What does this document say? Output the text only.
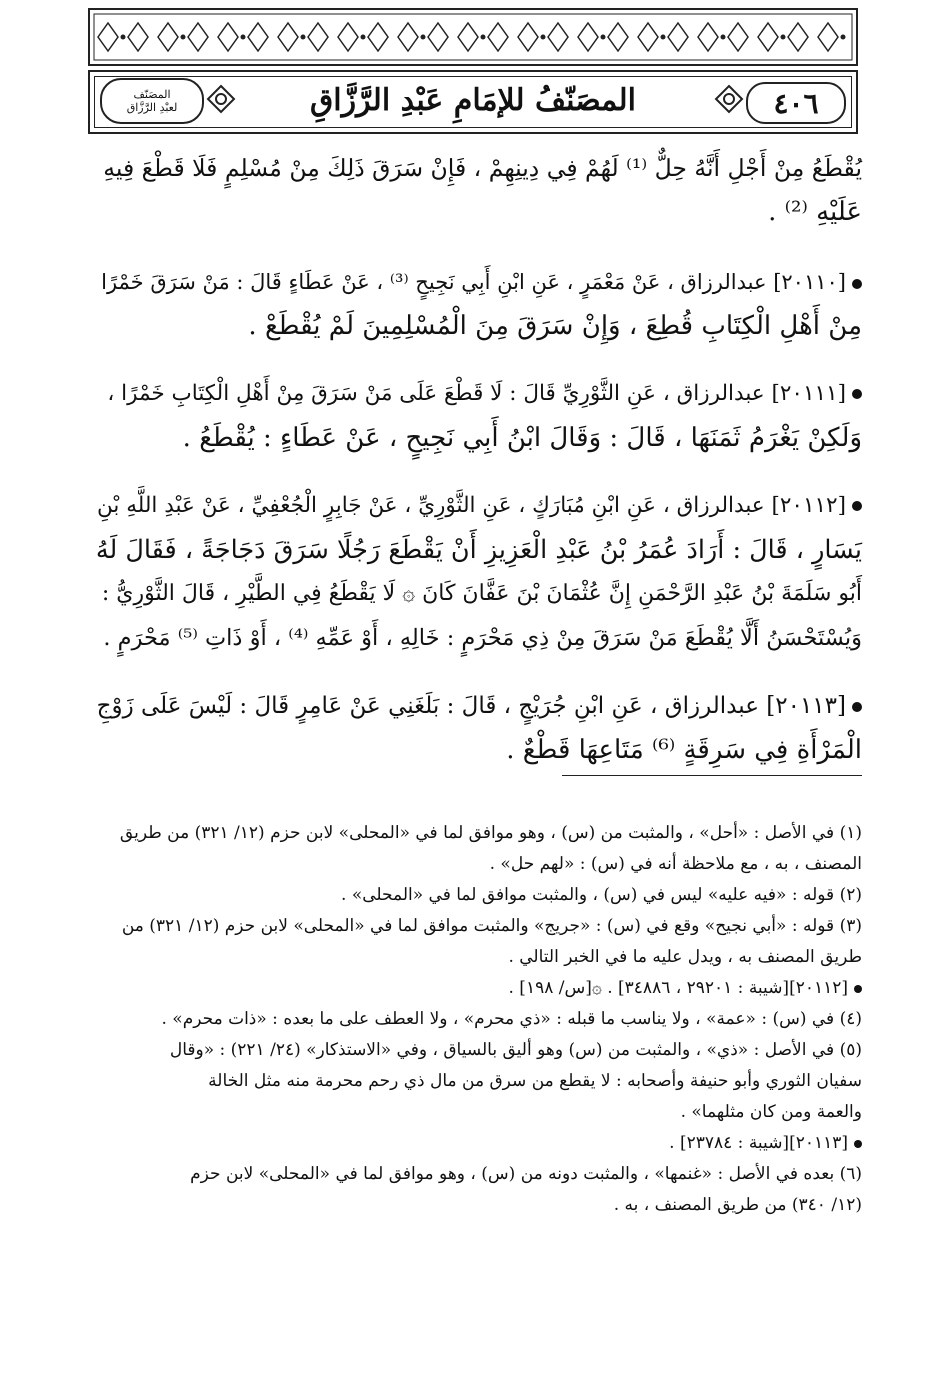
٤٠٦
المصَنّفُ للإمَامِ عَبْدِ الرَّزَّاقِ
المصَنّف
لعبْدِ الرَّزَّاق
يُقْطَعُ مِنْ أَجْلِ أَنَّهُ حِلٌّ ⁽¹⁾ لَهُمْ فِي دِينِهِمْ ، فَإِنْ سَرَقَ ذَلِكَ مِنْ مُسْلِمٍ فَلَا قَطْعَ فِيهِ
عَلَيْهِ ⁽²⁾ .
[٢٠١١٠] عبدالرزاق ، عَنْ مَعْمَرٍ ، عَنِ ابْنِ أَبِي نَجِيحٍ ⁽³⁾ ، عَنْ عَطَاءٍ قَالَ : مَنْ سَرَقَ خَمْرًا
مِنْ أَهْلِ الْكِتَابِ قُطِعَ ، وَإِنْ سَرَقَ مِنَ الْمُسْلِمِينَ لَمْ يُقْطَعْ .
[٢٠١١١] عبدالرزاق ، عَنِ الثَّوْرِيِّ قَالَ : لَا قَطْعَ عَلَى مَنْ سَرَقَ مِنْ أَهْلِ الْكِتَابِ خَمْرًا ،
وَلَكِنْ يَغْرَمُ ثَمَنَهَا ، قَالَ : وَقَالَ ابْنُ أَبِي نَجِيحٍ ، عَنْ عَطَاءٍ : يُقْطَعُ .
[٢٠١١٢] عبدالرزاق ، عَنِ ابْنِ مُبَارَكٍ ، عَنِ الثَّوْرِيِّ ، عَنْ جَابِرٍ الْجُعْفِيِّ ، عَنْ عَبْدِ اللَّهِ بْنِ
يَسَارٍ ، قَالَ : أَرَادَ عُمَرُ بْنُ عَبْدِ الْعَزِيزِ أَنْ يَقْطَعَ رَجُلًا سَرَقَ دَجَاجَةً ، فَقَالَ لَهُ
أَبُو سَلَمَةَ بْنُ عَبْدِ الرَّحْمَنِ إِنَّ عُثْمَانَ بْنَ عَفَّانَ كَانَ ۞ لَا يَقْطَعُ فِي الطَّيْرِ ، قَالَ الثَّوْرِيُّ :
وَيُسْتَحْسَنُ أَلَّا يُقْطَعَ مَنْ سَرَقَ مِنْ ذِي مَحْرَمٍ : خَالِهِ ، أَوْ عَمِّهِ ⁽⁴⁾ ، أَوْ ذَاتِ ⁽⁵⁾ مَحْرَمٍ .
[٢٠١١٣] عبدالرزاق ، عَنِ ابْنِ جُرَيْجٍ ، قَالَ : بَلَغَنِي عَنْ عَامِرٍ قَالَ : لَيْسَ عَلَى زَوْجِ
الْمَرْأَةِ فِي سَرِقَةٍ ⁽⁶⁾ مَتَاعِهَا قَطْعٌ .
(١) في الأصل : «أحل» ، والمثبت من (س) ، وهو موافق لما في «المحلى» لابن حزم (١٢/ ٣٢١) من طريق
المصنف ، به ، مع ملاحظة أنه في (س) : «لهم حل» .
(٢) قوله : «فيه عليه» ليس في (س) ، والمثبت موافق لما في «المحلى» .
(٣) قوله : «أبي نجيح» وقع في (س) : «جريج» والمثبت موافق لما في «المحلى» لابن حزم (١٢/ ٣٢١) من
طريق المصنف به ، ويدل عليه ما في الخبر التالي .
[٢٠١١٢][شيبة : ٢٩٢٠١ ، ٣٤٨٨٦] . ۞[س/ ١٩٨] .
(٤) في (س) : «عمة» ، ولا يناسب ما قبله : «ذي محرم» ، ولا العطف على ما بعده : «ذات محرم» .
(٥) في الأصل : «ذي» ، والمثبت من (س) وهو أليق بالسياق ، وفي «الاستذكار» (٢٤/ ٢٢١) : «وقال
سفيان الثوري وأبو حنيفة وأصحابه : لا يقطع من سرق من مال ذي رحم محرمة منه مثل الخالة
والعمة ومن كان مثلهما» .
[٢٠١١٣][شيبة : ٢٣٧٨٤] .
(٦) بعده في الأصل : «غنمها» ، والمثبت دونه من (س) ، وهو موافق لما في «المحلى» لابن حزم
(١٢/ ٣٤٠) من طريق المصنف ، به .
